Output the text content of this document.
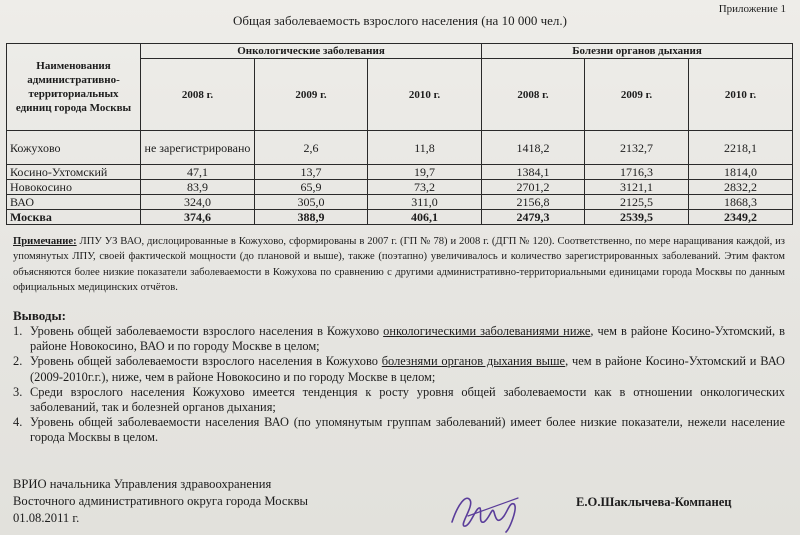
Приложение 1
Общая заболеваемость взрослого населения (на 10 000 чел.)
Наименования административно-территориальных единиц города Москвы	Онкологические заболевания			Болезни органов дыхания		
	2008 г.	2009 г.	2010 г.	2008 г.	2009 г.	2010 г.
Кожухово	не зарегистрировано	2,6	11,8	1418,2	2132,7	2218,1
Косино-Ухтомский	47,1	13,7	19,7	1384,1	1716,3	1814,0
Новокосино	83,9	65,9	73,2	2701,2	3121,1	2832,2
ВАО	324,0	305,0	311,0	2156,8	2125,5	1868,3
Москва	374,6	388,9	406,1	2479,3	2539,5	2349,2
Примечание: ЛПУ УЗ ВАО, дислоцированные в Кожухово, сформированы в 2007 г. (ГП № 78) и 2008 г. (ДГП № 120). Соответственно, по мере наращивания каждой, из упомянутых ЛПУ, своей фактической мощности (до плановой и выше), также (поэтапно) увеличивалось и количество зарегистрированных заболеваний. Этим фактом объясняются более низкие показатели заболеваемости в Кожухова по сравнению с другими административно-территориальными единицами города Москвы по данным официальных медицинских отчётов.
Выводы:
1. Уровень общей заболеваемости взрослого населения в Кожухово онкологическими заболеваниями ниже, чем в районе Косино-Ухтомский, в районе Новокосино, ВАО и по городу Москве в целом;
2. Уровень общей заболеваемости взрослого населения в Кожухово болезнями органов дыхания выше, чем в районе Косино-Ухтомский и ВАО (2009-2010г.г.), ниже, чем в районе Новокосино и по городу Москве в целом;
3. Среди взрослого населения Кожухово имеется тенденция к росту уровня общей заболеваемости как в отношении онкологических заболеваний, так и болезней органов дыхания;
4. Уровень общей заболеваемости населения ВАО (по упомянутым группам заболеваний) имеет более низкие показатели, нежели население города Москвы в целом.
ВРИО начальника Управления здравоохранения
Восточного административного округа города Москвы
01.08.2011 г.
Е.О.Шаклычева-Компанец
